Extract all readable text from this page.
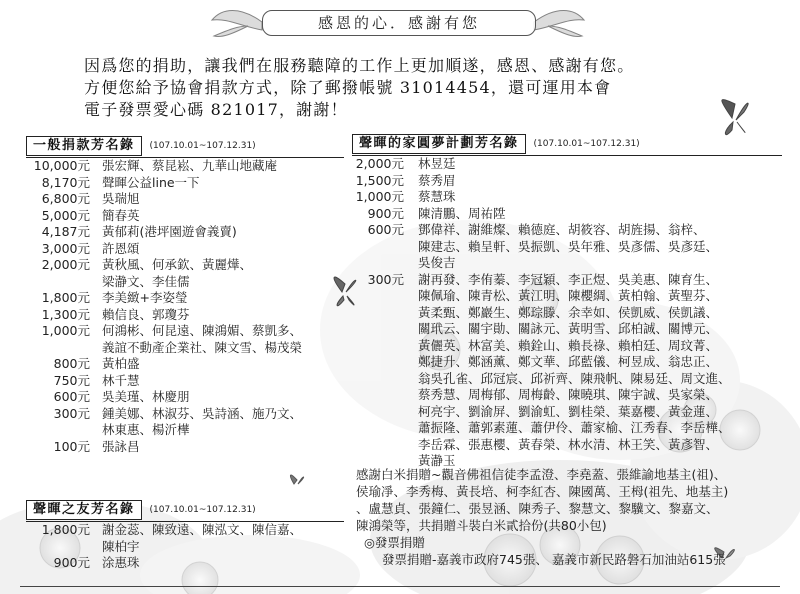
感恩的心．感謝有您
因爲您的捐助，讓我們在服務聽障的工作上更加順遂，感恩、感謝有您。
方便您給予協會捐款方式，除了郵撥帳號 31014454，還可運用本會
電子發票愛心碼 821017，謝謝！
一般捐款芳名錄	(107.10.01~107.12.31)
10,000元 張宏輝、蔡昆崧、九華山地藏庵
8,170元 聲暉公益line一下
6,800元 吳瑞旭
5,000元 簡春英
4,187元 黃郁莉(港坪園遊會義賣)
3,000元 許恩頌
2,000元 黃秋風、何承欽、黃麗燁、
梁瀞文、李佳儒
1,800元 李美緻+李姿瑩
1,300元 賴信良、郭瓊芬
1,000元 何鴻彬、何昆遠、陳鴻媚、蔡凱多、
義誼不動產企業社、陳文雪、楊茂榮
800元 黃柏盛
750元 林千慧
600元 吳美瑾、林慶朋
300元 鍾美娜、林淑芬、吳詩涵、施乃文、
林東惠、楊沂樺
100元 張詠昌
聲暉之友芳名錄	(107.10.01~107.12.31)
1,800元 謝金蕊、陳致遠、陳泓文、陳信嘉、
陳柏宇
900元 涂惠珠
聲暉的家圓夢計劃芳名錄	(107.10.01~107.12.31)
2,000元	林昱廷
1,500元	蔡秀眉
1,000元	蔡慧珠
900元	陳清鵬、周祐陞
600元	鄧偉祥、謝維燦、賴德庭、胡筱容、胡旌揚、翁梓、
陳建志、賴呈軒、吳振凱、吳年雅、吳彥儒、吳彥廷、
吳俊吉
300元	謝再發、李侑蓁、李冠穎、李正煜、吳美惠、陳育生、
陳佩瑜、陳青松、黃江明、陳櫻綢、黃柏翰、黃聖芬、
黃柔甄、鄭巖生、鄭琮滕、余幸如、侯凱威、侯凱議、
關玳云、關宇勛、關詠元、黃明雪、邱柏誠、關博元、
黃儷英、林富美、賴銓山、賴長祿、賴柏廷、周玟菁、
鄭捷升、鄭涵薰、鄭文華、邱藍儀、柯昱成、翁忠正、
翁吳孔雀、邱冠宸、邱祈齊、陳飛帆、陳易廷、周文進、
蔡秀慧、周梅郁、周梅齡、陳曉琪、陳宇誠、吳家榮、
柯亮宇、劉渝屏、劉渝虹、劉桂榮、葉嘉櫻、黃金蓮、
蕭振隆、蕭郭素蓮、蕭伊伶、蕭家榆、江秀春、李岳樺、
李岳霖、張惠櫻、黃春榮、林水清、林王笑、黃彥智、
黃瀞玉
感謝白米捐贈~觀音佛祖信徒李孟澄、李堯蓋、張維諭地基主(祖)、
侯瑜凈、李秀梅、黃長培、柯李紅杏、陳國萬、王栂(祖先、地基主)
、盧慧貞、張鐘仁、張昱涵、陳秀子、黎慧文、黎驥文、黎嘉文、
陳鴻榮等，共捐贈斗裝白米貳拾份(共80小包)
◎發票捐贈
發票捐贈-嘉義市政府745張、 嘉義市新民路磐石加油站615張
